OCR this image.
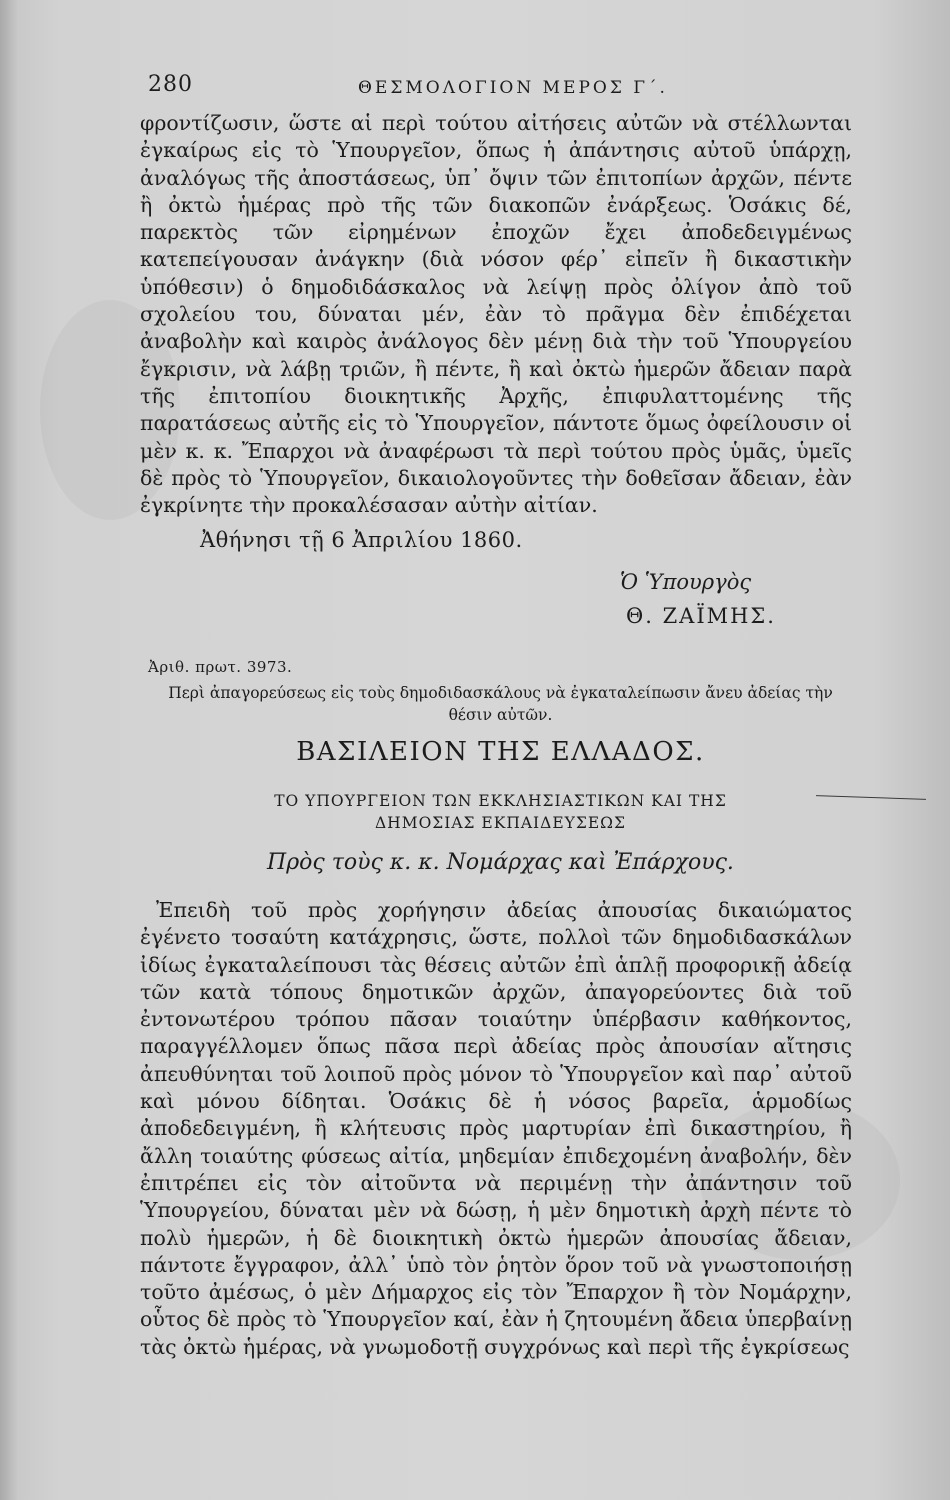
280	ΘΕΣΜΟΛΟΓΙΟΝ ΜΕΡΟΣ Γ΄.

φροντίζωσιν, ὥστε αἱ περὶ τούτου αἰτήσεις αὐτῶν νὰ στέλλωνται ἐγκαίρως εἰς τὸ Ὑπουργεῖον, ὅπως ἡ ἀπάντησις αὐτοῦ ὑπάρχῃ, ἀναλόγως τῆς ἀποστάσεως, ὑπ᾽ ὄψιν τῶν ἐπιτοπίων ἀρχῶν, πέντε ἢ ὀκτὼ ἡμέρας πρὸ τῆς τῶν διακοπῶν ἐνάρξεως. Ὁσάκις δέ, παρεκτὸς τῶν εἰρημένων ἐποχῶν ἔχει ἀποδεδειγμένως κατεπείγουσαν ἀνάγκην (διὰ νόσον φέρ᾽ εἰπεῖν ἢ δικαστικὴν ὑπόθεσιν) ὁ δημοδιδάσκαλος νὰ λείψῃ πρὸς ὀλίγον ἀπὸ τοῦ σχολείου του, δύναται μέν, ἐὰν τὸ πρᾶγμα δὲν ἐπιδέχεται ἀναβολὴν καὶ καιρὸς ἀνάλογος δὲν μένῃ διὰ τὴν τοῦ Ὑπουργείου ἔγκρισιν, νὰ λάβῃ τριῶν, ἢ πέντε, ἢ καὶ ὀκτὼ ἡμερῶν ἄδειαν παρὰ τῆς ἐπιτοπίου διοικητικῆς Ἀρχῆς, ἐπιφυλαττομένης τῆς παρατάσεως αὐτῆς εἰς τὸ Ὑπουργεῖον, πάντοτε ὅμως ὀφείλουσιν οἱ μὲν κ. κ. Ἔπαρχοι νὰ ἀναφέρωσι τὰ περὶ τούτου πρὸς ὑμᾶς, ὑμεῖς δὲ πρὸς τὸ Ὑπουργεῖον, δικαιολογοῦντες τὴν δοθεῖσαν ἄδειαν, ἐὰν ἐγκρίνητε τὴν προκαλέσασαν αὐτὴν αἰτίαν.

Ἀθήνησι τῇ 6 Ἀπριλίου 1860.
Ὁ Ὑπουργὸς
Θ. ΖΑΪΜΗΣ.
Ἀριθ. πρωτ. 3973.

Περὶ ἀπαγορεύσεως εἰς τοὺς δημοδιδασκάλους νὰ ἐγκαταλείπωσιν ἄνευ ἀδείας τὴν θέσιν αὐτῶν.

ΒΑΣΙΛΕΙΟΝ ΤΗΣ ΕΛΛΑΔΟΣ.
ΤΟ ΥΠΟΥΡΓΕΙΟΝ ΤΩΝ ΕΚΚΛΗΣΙΑΣΤΙΚΩΝ ΚΑΙ ΤΗΣ
ΔΗΜΟΣΙΑΣ ΕΚΠΑΙΔΕΥΣΕΩΣ
Πρὸς τοὺς κ. κ. Νομάρχας καὶ Ἐπάρχους.

Ἐπειδὴ τοῦ πρὸς χορήγησιν ἀδείας ἀπουσίας δικαιώματος ἐγένετο τοσαύτη κατάχρησις, ὥστε, πολλοὶ τῶν δημοδιδασκάλων ἰδίως ἐγκαταλείπουσι τὰς θέσεις αὐτῶν ἐπὶ ἁπλῇ προφορικῇ ἀδείᾳ τῶν κατὰ τόπους δημοτικῶν ἀρχῶν, ἀπαγορεύοντες διὰ τοῦ ἐντονωτέρου τρόπου πᾶσαν τοιαύτην ὑπέρβασιν καθήκοντος, παραγγέλλομεν ὅπως πᾶσα περὶ ἀδείας πρὸς ἀπουσίαν αἴτησις ἀπευθύνηται τοῦ λοιποῦ πρὸς μόνον τὸ Ὑπουργεῖον καὶ παρ᾽ αὐτοῦ καὶ μόνου δίδηται. Ὁσάκις δὲ ἡ νόσος βαρεῖα, ἁρμοδίως ἀποδεδειγμένη, ἢ κλήτευσις πρὸς μαρτυρίαν ἐπὶ δικαστηρίου, ἢ ἄλλη τοιαύτης φύσεως αἰτία, μηδεμίαν ἐπιδεχομένη ἀναβολήν, δὲν ἐπιτρέπει εἰς τὸν αἰτοῦντα νὰ περιμένῃ τὴν ἀπάντησιν τοῦ Ὑπουργείου, δύναται μὲν νὰ δώσῃ, ἡ μὲν δημοτικὴ ἀρχὴ πέντε τὸ πολὺ ἡμερῶν, ἡ δὲ διοικητικὴ ὀκτὼ ἡμερῶν ἀπουσίας ἄδειαν, πάντοτε ἔγγραφον, ἀλλ᾽ ὑπὸ τὸν ῥητὸν ὅρον τοῦ νὰ γνωστοποιήσῃ τοῦτο ἀμέσως, ὁ μὲν Δήμαρχος εἰς τὸν Ἔπαρχον ἢ τὸν Νομάρχην, οὗτος δὲ πρὸς τὸ Ὑπουργεῖον καί, ἐὰν ἡ ζητουμένη ἄδεια ὑπερβαίνῃ τὰς ὀκτὼ ἡμέρας, νὰ γνωμοδοτῇ συγχρόνως καὶ περὶ τῆς ἐγκρίσεως
